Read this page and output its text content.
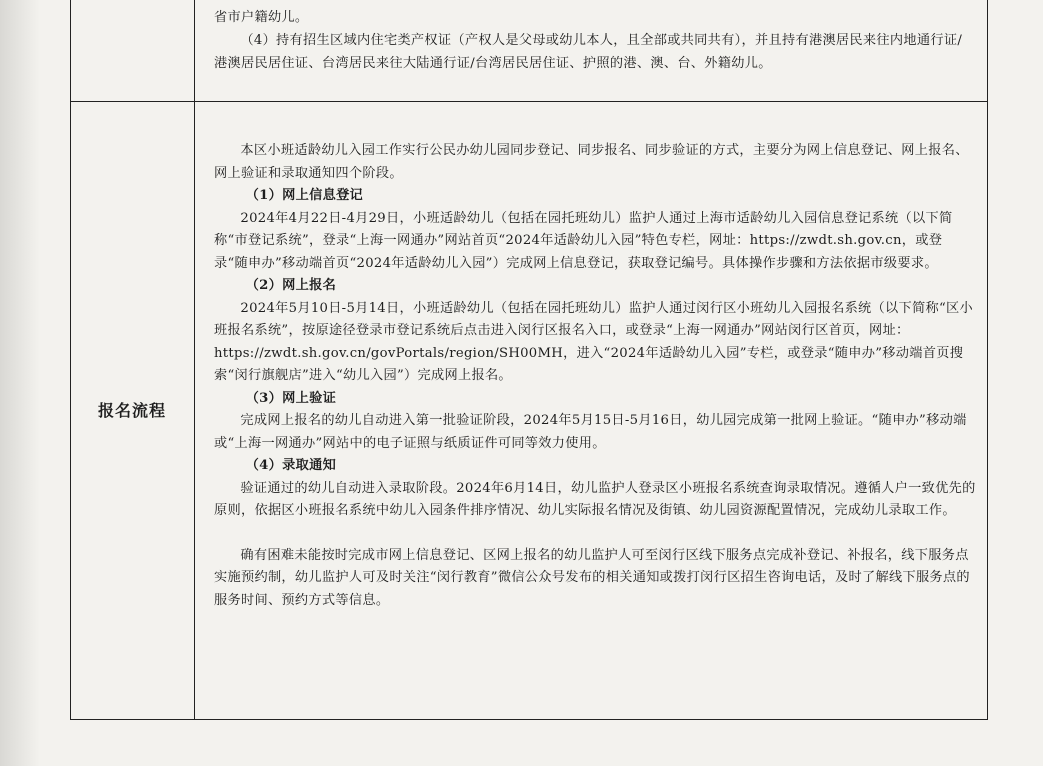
省市户籍幼儿。

（4）持有招生区域内住宅类产权证（产权人是父母或幼儿本人，且全部或共同共有），并且持有港澳居民来往内地通行证/港澳居民居住证、台湾居民来往大陆通行证/台湾居民居住证、护照的港、澳、台、外籍幼儿。

报名流程

本区小班适龄幼儿入园工作实行公民办幼儿园同步登记、同步报名、同步验证的方式，主要分为网上信息登记、网上报名、网上验证和录取通知四个阶段。

（1）网上信息登记

2024年4月22日-4月29日，小班适龄幼儿（包括在园托班幼儿）监护人通过上海市适龄幼儿入园信息登记系统（以下简称“市登记系统”，登录“上海一网通办”网站首页“2024年适龄幼儿入园”特色专栏，网址：https://zwdt.sh.gov.cn，或登录“随申办”移动端首页“2024年适龄幼儿入园”）完成网上信息登记，获取登记编号。具体操作步骤和方法依据市级要求。

（2）网上报名

2024年5月10日-5月14日，小班适龄幼儿（包括在园托班幼儿）监护人通过闵行区小班幼儿入园报名系统（以下简称“区小班报名系统”，按原途径登录市登记系统后点击进入闵行区报名入口，或登录“上海一网通办”网站闵行区首页，网址：https://zwdt.sh.gov.cn/govPortals/region/SH00MH，进入“2024年适龄幼儿入园”专栏，或登录“随申办”移动端首页搜索“闵行旗舰店”进入“幼儿入园”）完成网上报名。

（3）网上验证

完成网上报名的幼儿自动进入第一批验证阶段，2024年5月15日-5月16日，幼儿园完成第一批网上验证。“随申办”移动端或“上海一网通办”网站中的电子证照与纸质证件可同等效力使用。

（4）录取通知

验证通过的幼儿自动进入录取阶段。2024年6月14日，幼儿监护人登录区小班报名系统查询录取情况。遵循人户一致优先的原则，依据区小班报名系统中幼儿入园条件排序情况、幼儿实际报名情况及街镇、幼儿园资源配置情况，完成幼儿录取工作。

确有困难未能按时完成市网上信息登记、区网上报名的幼儿监护人可至闵行区线下服务点完成补登记、补报名，线下服务点实施预约制，幼儿监护人可及时关注“闵行教育”微信公众号发布的相关通知或拨打闵行区招生咨询电话，及时了解线下服务点的服务时间、预约方式等信息。
